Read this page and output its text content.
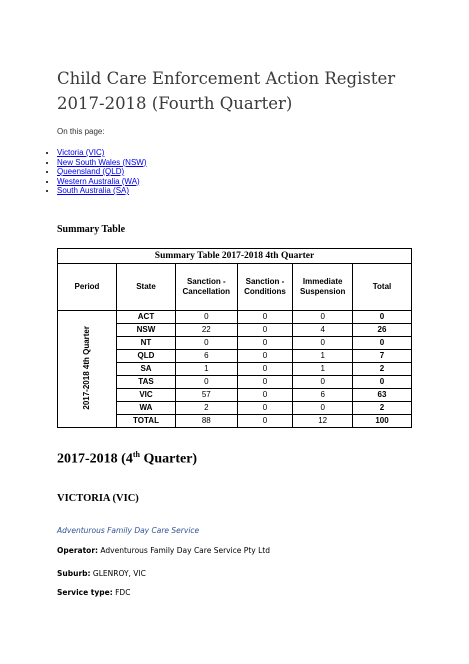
Child Care Enforcement Action Register
2017-2018 (Fourth Quarter)
On this page:
• Victoria (VIC)
• New South Wales (NSW)
• Queensland (QLD)
• Western Australia (WA)
• South Australia (SA)
Summary Table
Summary Table 2017-2018 4th Quarter					
Period	State	Sanction - Cancellation	Sanction - Conditions	Immediate Suspension	Total
2017-2018 4th Quarter	ACT	0	0	0	0
	NSW	22	0	4	26
	NT	0	0	0	0
	QLD	6	0	1	7
	SA	1	0	1	2
	TAS	0	0	0	0
	VIC	57	0	6	63
	WA	2	0	0	2
	TOTAL	88	0	12	100
2017-2018 (4th Quarter)
VICTORIA (VIC)
Adventurous Family Day Care Service
Operator: Adventurous Family Day Care Service Pty Ltd
Suburb: GLENROY, VIC
Service type: FDC
